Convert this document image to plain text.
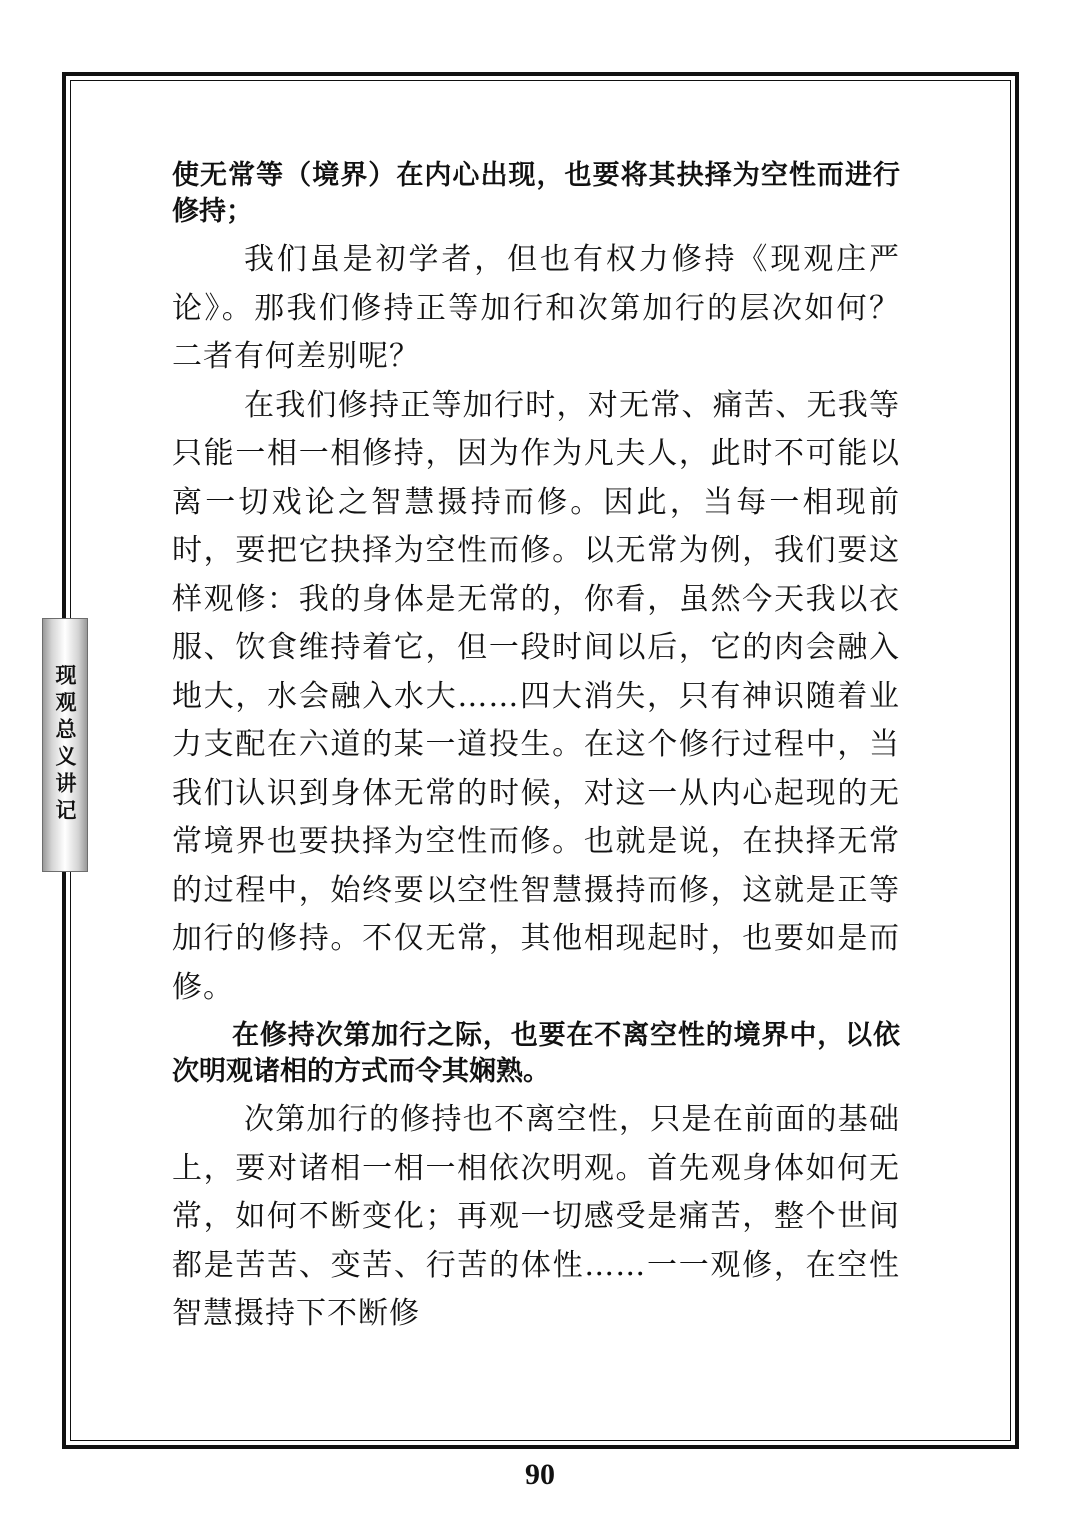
现观总义讲记

使无常等（境界）在内心出现，也要将其抉择为空性而进行修持；

我们虽是初学者，但也有权力修持《现观庄严论》。那我们修持正等加行和次第加行的层次如何？二者有何差别呢？

在我们修持正等加行时，对无常、痛苦、无我等只能一相一相修持，因为作为凡夫人，此时不可能以离一切戏论之智慧摄持而修。因此，当每一相现前时，要把它抉择为空性而修。以无常为例，我们要这样观修：我的身体是无常的，你看，虽然今天我以衣服、饮食维持着它，但一段时间以后，它的肉会融入地大，水会融入水大……四大消失，只有神识随着业力支配在六道的某一道投生。在这个修行过程中，当我们认识到身体无常的时候，对这一从内心起现的无常境界也要抉择为空性而修。也就是说，在抉择无常的过程中，始终要以空性智慧摄持而修，这就是正等加行的修持。不仅无常，其他相现起时，也要如是而修。

在修持次第加行之际，也要在不离空性的境界中，以依次明观诸相的方式而令其娴熟。

次第加行的修持也不离空性，只是在前面的基础上，要对诸相一相一相依次明观。首先观身体如何无常，如何不断变化；再观一切感受是痛苦，整个世间都是苦苦、变苦、行苦的体性……一一观修，在空性智慧摄持下不断修

90
